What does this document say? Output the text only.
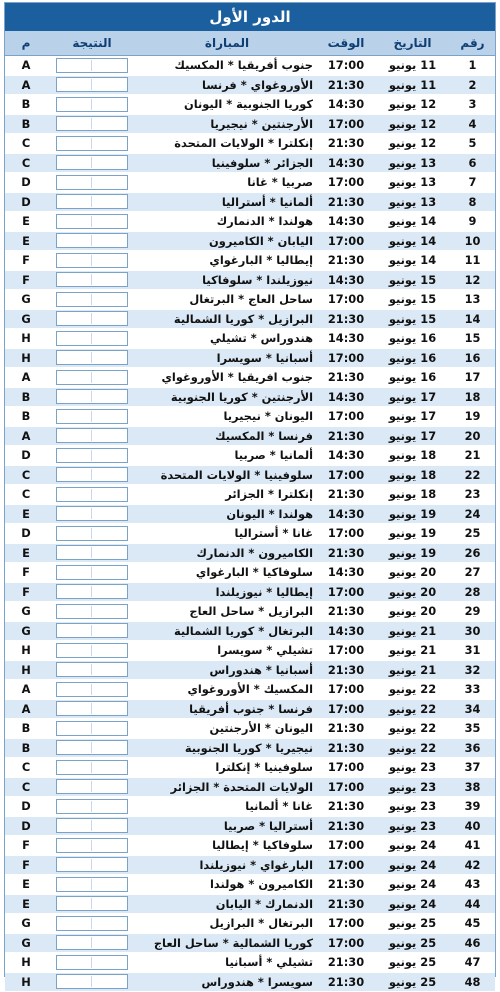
الدور الأول
رقم	التاريخ	الوقت	المباراة	النتيجة	م
1	11 يونيو	17:00	جنوب أفريقيا * المكسيك		A
2	11 يونيو	21:30	الأوروغواي * فرنسا		A
3	12 يونيو	14:30	كوريا الجنوبية * اليونان		B
4	12 يونيو	17:00	الأرجنتين * نيجيريا		B
5	12 يونيو	21:30	إنكلترا * الولايات المتحدة		C
6	13 يونيو	14:30	الجزائر * سلوفينيا		C
7	13 يونيو	17:00	صربيا * غانا		D
8	13 يونيو	21:30	ألمانيا * أستراليا		D
9	14 يونيو	14:30	هولندا * الدنمارك		E
10	14 يونيو	17:00	اليابان * الكاميرون		E
11	14 يونيو	21:30	إيطاليا * البارغواي		F
12	15 يونيو	14:30	نيوزيلندا * سلوفاكيا		F
13	15 يونيو	17:00	ساحل العاج * البرتغال		G
14	15 يونيو	21:30	البرازيل * كوريا الشمالية		G
15	16 يونيو	14:30	هندوراس * تشيلي		H
16	16 يونيو	17:00	أسبانيا * سويسرا		H
17	16 يونيو	21:30	جنوب افريقيا * الأوروغواي		A
18	17 يونيو	14:30	الأرجنتين * كوريا الجنوبية		B
19	17 يونيو	17:00	اليونان * نيجيريا		B
20	17 يونيو	21:30	فرنسا * المكسيك		A
21	18 يونيو	14:30	ألمانيا * صربيا		D
22	18 يونيو	17:00	سلوفينيا * الولايات المتحدة		C
23	18 يونيو	21:30	إنكلترا * الجزائر		C
24	19 يونيو	14:30	هولندا * اليونان		E
25	19 يونيو	17:00	غانا * أستراليا		D
26	19 يونيو	21:30	الكاميرون * الدنمارك		E
27	20 يونيو	14:30	سلوفاكيا * البارغواي		F
28	20 يونيو	17:00	إيطاليا * نيوزيلندا		F
29	20 يونيو	21:30	البرازيل * ساحل العاج		G
30	21 يونيو	14:30	البرتغال * كوريا الشمالية		G
31	21 يونيو	17:00	تشيلي * سويسرا		H
32	21 يونيو	21:30	أسبانيا * هندوراس		H
33	22 يونيو	17:00	المكسيك * الأوروغواي		A
34	22 يونيو	17:00	فرنسا * جنوب أفريقيا		A
35	22 يونيو	21:30	اليونان * الأرجنتين		B
36	22 يونيو	21:30	نيجيريا * كوريا الجنوبية		B
37	23 يونيو	17:00	سلوفينيا * إنكلترا		C
38	23 يونيو	17:00	الولايات المتحدة * الجزائر		C
39	23 يونيو	21:30	غانا * ألمانيا		D
40	23 يونيو	21:30	أستراليا * صربيا		D
41	24 يونيو	17:00	سلوفاكيا * إيطاليا		F
42	24 يونيو	17:00	البارغواي * نيوزيلندا		F
43	24 يونيو	21:30	الكاميرون * هولندا		E
44	24 يونيو	21:30	الدنمارك * اليابان		E
45	25 يونيو	17:00	البرتغال * البرازيل		G
46	25 يونيو	17:00	كوريا الشمالية * ساحل العاج		G
47	25 يونيو	21:30	تشيلي * أسبانيا		H
48	25 يونيو	21:30	سويسرا * هندوراس		H
